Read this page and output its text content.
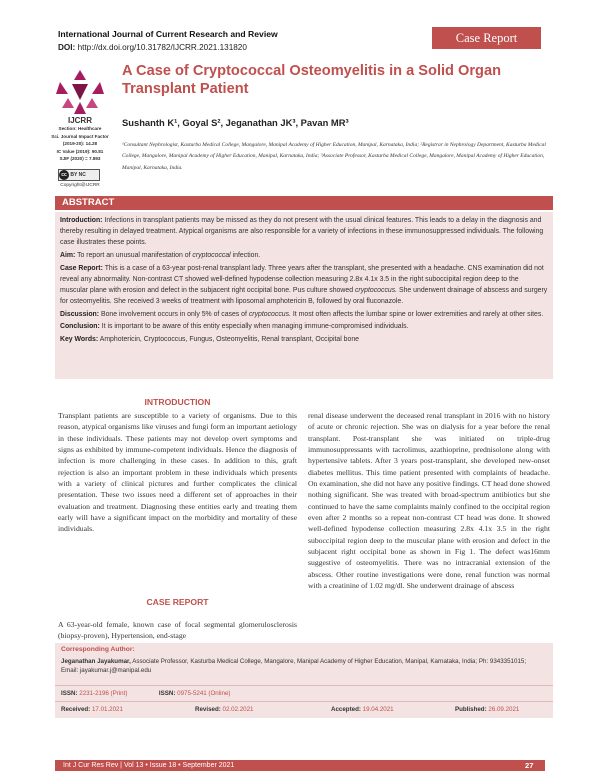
International Journal of Current Research and Review
DOI: http://dx.doi.org/10.31782/IJCRR.2021.131820
Case Report
IJCRR
Section: Healthcare
Sci. Journal Impact Factor
(2019-20): 14.28
IC Value (2019): 90.81
SJIF (2020) = 7.893
cc BY NC
Copyright@IJCRR
A Case of Cryptococcal Osteomyelitis in a Solid Organ Transplant Patient
Sushanth K¹, Goyal S², Jeganathan JK³, Pavan MR³
¹Consultant Nephrologist, Kasturba Medical College, Mangalore, Manipal Academy of Higher Education, Manipal, Karnataka, India; ²Registrar in Nephrology Department, Kasturba Medical College, Mangalore, Manipal Academy of Higher Education, Manipal, Karnataka, India; ³Associate Professor, Kasturba Medical College, Mangalore, Manipal Academy of Higher Education, Manipal, Karnataka, India.
ABSTRACT

Introduction: Infections in transplant patients may be missed as they do not present with the usual clinical features. This leads to a delay in the diagnosis and thereby resulting in delayed treatment. Atypical organisms are also responsible for a variety of infections in these immunosuppressed individuals. The following case illustrates these points.

Aim: To report an unusual manifestation of cryptococcal infection.

Case Report: This is a case of a 63-year post-renal transplant lady. Three years after the transplant, she presented with a headache. CNS examination did not reveal any abnormality. Non-contrast CT showed well-defined hypodense collection measuring 2.8x 4.1x 3.5 in the right suboccipital region deep to the muscular plane with erosion and defect in the subjacent right occipital bone. Pus culture showed cryptococcus. She underwent drainage of abscess and surgery for osteomyelitis. She received 3 weeks of treatment with liposomal amphotericin B, followed by oral fluconazole.

Discussion: Bone involvement occurs in only 5% of cases of cryptococcus. It most often affects the lumbar spine or lower extremities and rarely at other sites.

Conclusion: It is important to be aware of this entity especially when managing immune-compromised individuals.

Key Words: Amphotericin, Cryptococcus, Fungus, Osteomyelitis, Renal transplant, Occipital bone

INTRODUCTION
Transplant patients are susceptible to a variety of organisms. Due to this reason, atypical organisms like viruses and fungi form an important aetiology in these individuals. These patients may not develop overt symptoms and signs as exhibited by immune-competent individuals. Hence the diagnosis of infection is more challenging in these cases. In addition to this, graft rejection is also an important problem in these individuals which presents with a variety of clinical pictures and further complicates the clinical presentation. These two issues need a different set of approaches in their evaluation and treatment. Diagnosing these entities early and treating them early will have a significant impact on the morbidity and mortality of these individuals.
CASE REPORT
A 63-year-old female, known case of focal segmental glomerulosclerosis (biopsy-proven), Hypertension, end-stage
renal disease underwent the deceased renal transplant in 2016 with no history of acute or chronic rejection. She was on dialysis for a year before the renal transplant. Post-transplant she was initiated on triple-drug immunosuppressants with tacrolimus, azathioprine, prednisolone along with hypertensive tablets. After 3 years post-transplant, she developed new-onset diabetes mellitus. This time patient presented with complaints of headache. On examination, she did not have any positive findings. CT head done showed nothing significant. She was treated with broad-spectrum antibiotics but she continued to have the same complaints mainly confined to the occipital region even after 2 months so a repeat non-contrast CT head was done. It showed well-defined hypodense collection measuring 2.8x 4.1x 3.5 in the right suboccipital region deep to the muscular plane with erosion and defect in the subjacent right occipital bone as shown in Fig 1. The defect was16mm suggestive of osteomyelitis. There was no intracranial extension of the abscess. Other routine investigations were done, renal function was normal with a creatinine of 1.02 mg/dl. She underwent drainage of abscess
Corresponding Author:
Jeganathan Jayakumar, Associate Professor, Kasturba Medical College, Mangalore, Manipal Academy of Higher Education, Manipal, Karnataka, India; Ph: 9343351015; Email: jayakumar.j@manipal.edu
ISSN: 2231-2196 (Print)	ISSN: 0975-5241 (Online)
Received: 17.01.2021	Revised: 02.02.2021	Accepted: 19.04.2021	Published: 26.09.2021
Int J Cur Res Rev | Vol 13 • Issue 18 • September 2021	27
